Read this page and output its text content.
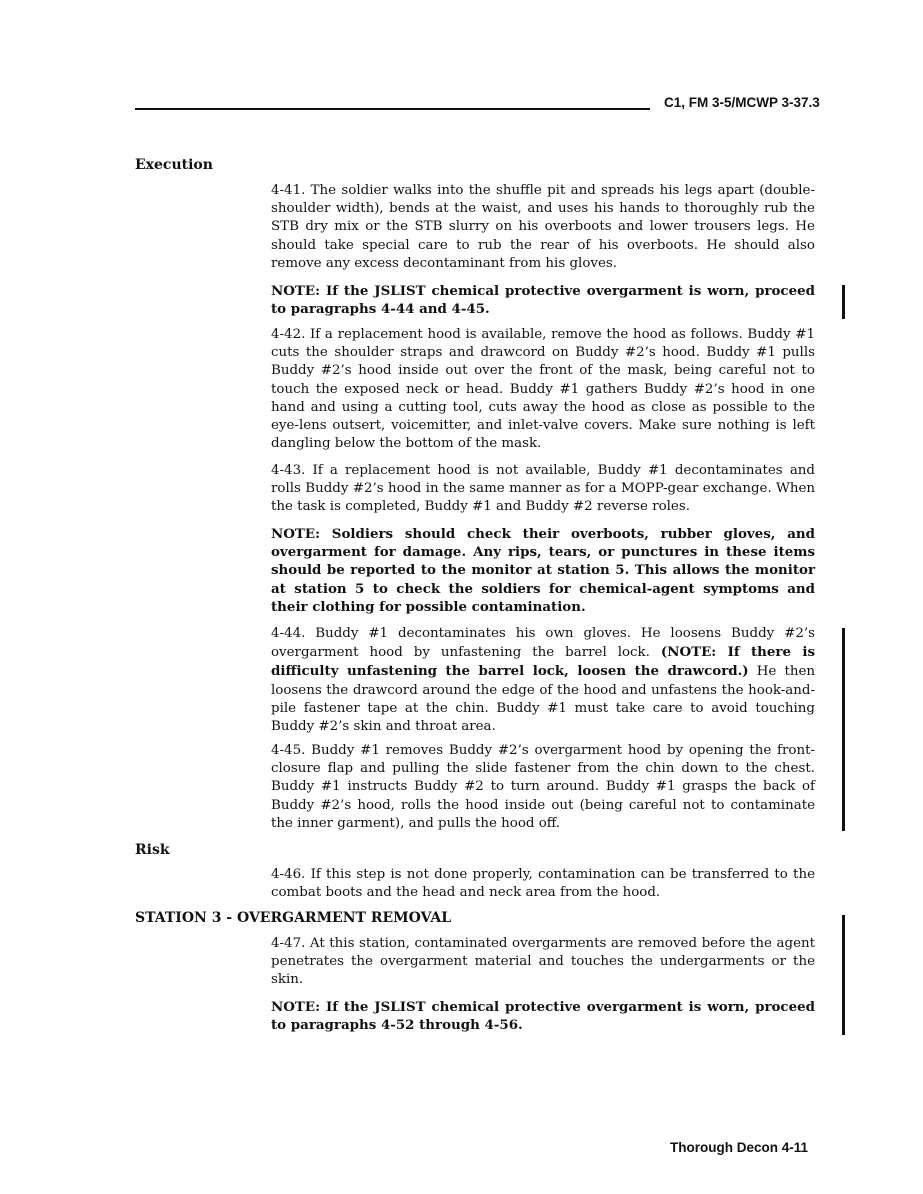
C1, FM 3-5/MCWP 3-37.3
Execution
4-41. The soldier walks into the shuffle pit and spreads his legs apart (double-shoulder width), bends at the waist, and uses his hands to thoroughly rub the STB dry mix or the STB slurry on his overboots and lower trousers legs. He should take special care to rub the rear of his overboots. He should also remove any excess decontaminant from his gloves.
NOTE: If the JSLIST chemical protective overgarment is worn, proceed to paragraphs 4-44 and 4-45.
4-42. If a replacement hood is available, remove the hood as follows. Buddy #1 cuts the shoulder straps and drawcord on Buddy #2’s hood. Buddy #1 pulls Buddy #2’s hood inside out over the front of the mask, being careful not to touch the exposed neck or head. Buddy #1 gathers Buddy #2’s hood in one hand and using a cutting tool, cuts away the hood as close as possible to the eye-lens outsert, voicemitter, and inlet-valve covers. Make sure nothing is left dangling below the bottom of the mask.
4-43. If a replacement hood is not available, Buddy #1 decontaminates and rolls Buddy #2’s hood in the same manner as for a MOPP-gear exchange. When the task is completed, Buddy #1 and Buddy #2 reverse roles.
NOTE: Soldiers should check their overboots, rubber gloves, and overgarment for damage. Any rips, tears, or punctures in these items should be reported to the monitor at station 5. This allows the monitor at station 5 to check the soldiers for chemical-agent symptoms and their clothing for possible contamination.
4-44. Buddy #1 decontaminates his own gloves. He loosens Buddy #2’s overgarment hood by unfastening the barrel lock. (NOTE: If there is difficulty unfastening the barrel lock, loosen the drawcord.) He then loosens the drawcord around the edge of the hood and unfastens the hook-and-pile fastener tape at the chin. Buddy #1 must take care to avoid touching Buddy #2’s skin and throat area.
4-45. Buddy #1 removes Buddy #2’s overgarment hood by opening the front-closure flap and pulling the slide fastener from the chin down to the chest. Buddy #1 instructs Buddy #2 to turn around. Buddy #1 grasps the back of Buddy #2’s hood, rolls the hood inside out (being careful not to contaminate the inner garment), and pulls the hood off.
Risk
4-46. If this step is not done properly, contamination can be transferred to the combat boots and the head and neck area from the hood.
STATION 3 - OVERGARMENT REMOVAL
4-47. At this station, contaminated overgarments are removed before the agent penetrates the overgarment material and touches the undergarments or the skin.
NOTE: If the JSLIST chemical protective overgarment is worn, proceed to paragraphs 4-52 through 4-56.
Thorough Decon 4-11
